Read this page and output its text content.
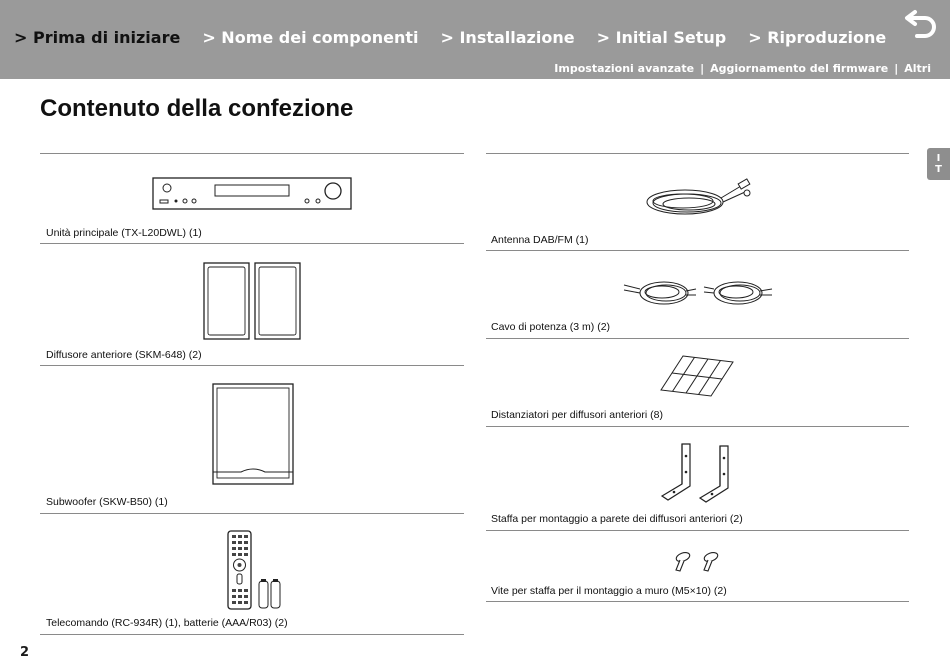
> Prima di iniziare > Nome dei componenti > Installazione > Initial Setup > Riproduzione
Impostazioni avanzate | Aggiornamento del firmware | Altri
Contenuto della confezione
I
T
Unità principale (TX-L20DWL) (1)
Diffusore anteriore (SKM-648) (2)
Subwoofer (SKW-B50) (1)
Telecomando (RC-934R) (1), batterie (AAA/R03) (2)
Antenna DAB/FM (1)
Cavo di potenza (3 m) (2)
Distanziatori per diffusori anteriori (8)
Staffa per montaggio a parete dei diffusori anteriori (2)
Vite per staffa per il montaggio a muro (M5×10) (2)
2
